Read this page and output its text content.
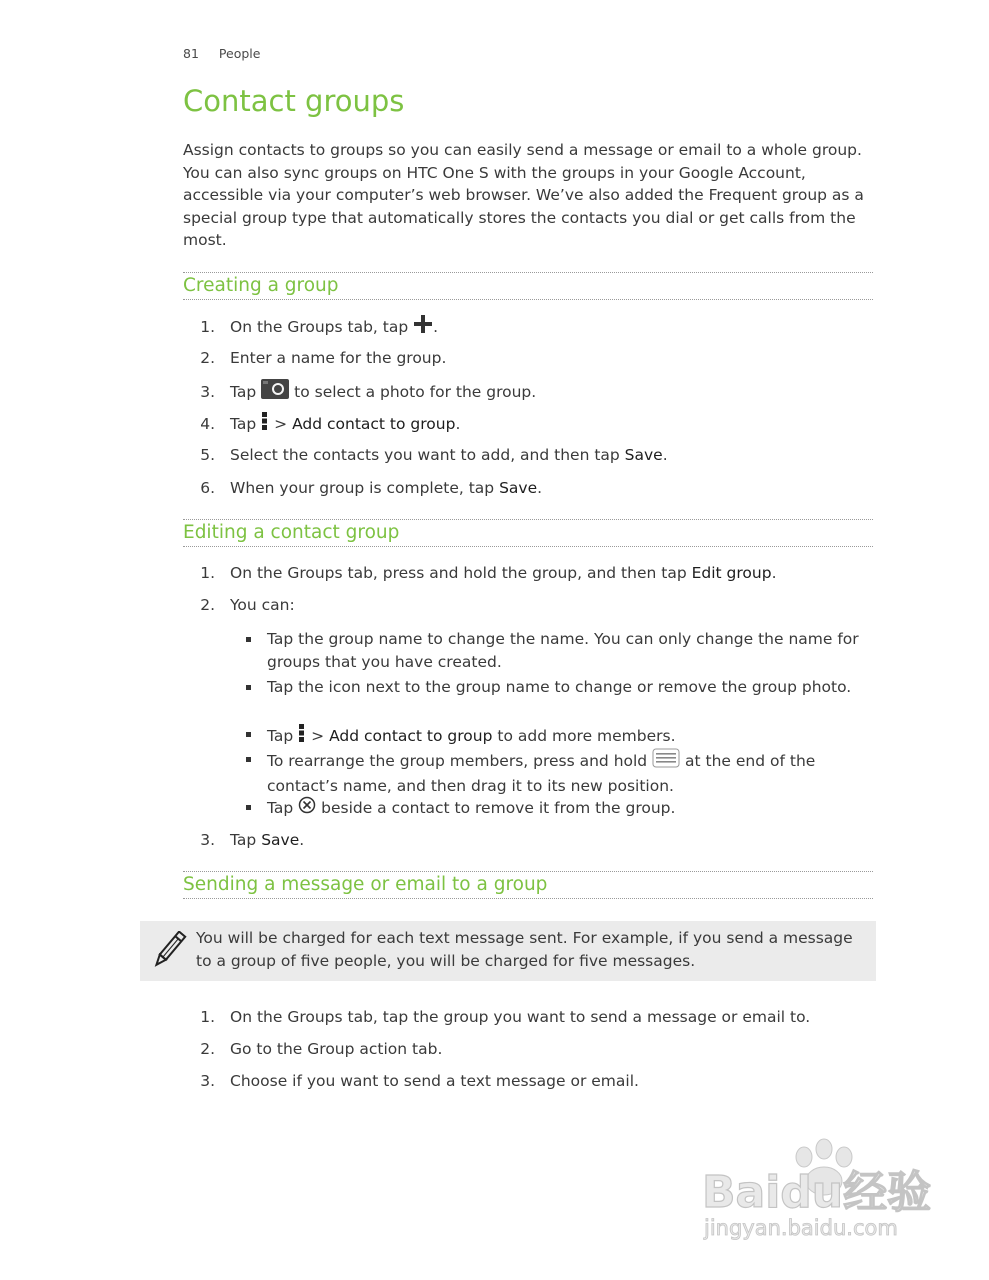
81 People
Contact groups

Assign contacts to groups so you can easily send a message or email to a whole group. You can also sync groups on HTC One S with the groups in your Google Account, accessible via your computer’s web browser. We’ve also added the Frequent group as a special group type that automatically stores the contacts you dial or get calls from the most.

Creating a group
1. On the Groups tab, tap .
2. Enter a name for the group.
3. Tap to select a photo for the group.
4. Tap > Add contact to group.
5. Select the contacts you want to add, and then tap Save.
6. When your group is complete, tap Save.
Editing a contact group
1. On the Groups tab, press and hold the group, and then tap Edit group.
2. You can:
Tap the group name to change the name. You can only change the name for groups that you have created.
Tap the icon next to the group name to change or remove the group photo.
Tap > Add contact to group to add more members.
To rearrange the group members, press and hold at the end of the contact’s name, and then drag it to its new position.
Tap beside a contact to remove it from the group.
3. Tap Save.
Sending a message or email to a group
You will be charged for each text message sent. For example, if you send a message to a group of five people, you will be charged for five messages.
1. On the Groups tab, tap the group you want to send a message or email to.
2. Go to the Group action tab.
3. Choose if you want to send a text message or email.
Baidu经验
jingyan.baidu.com
